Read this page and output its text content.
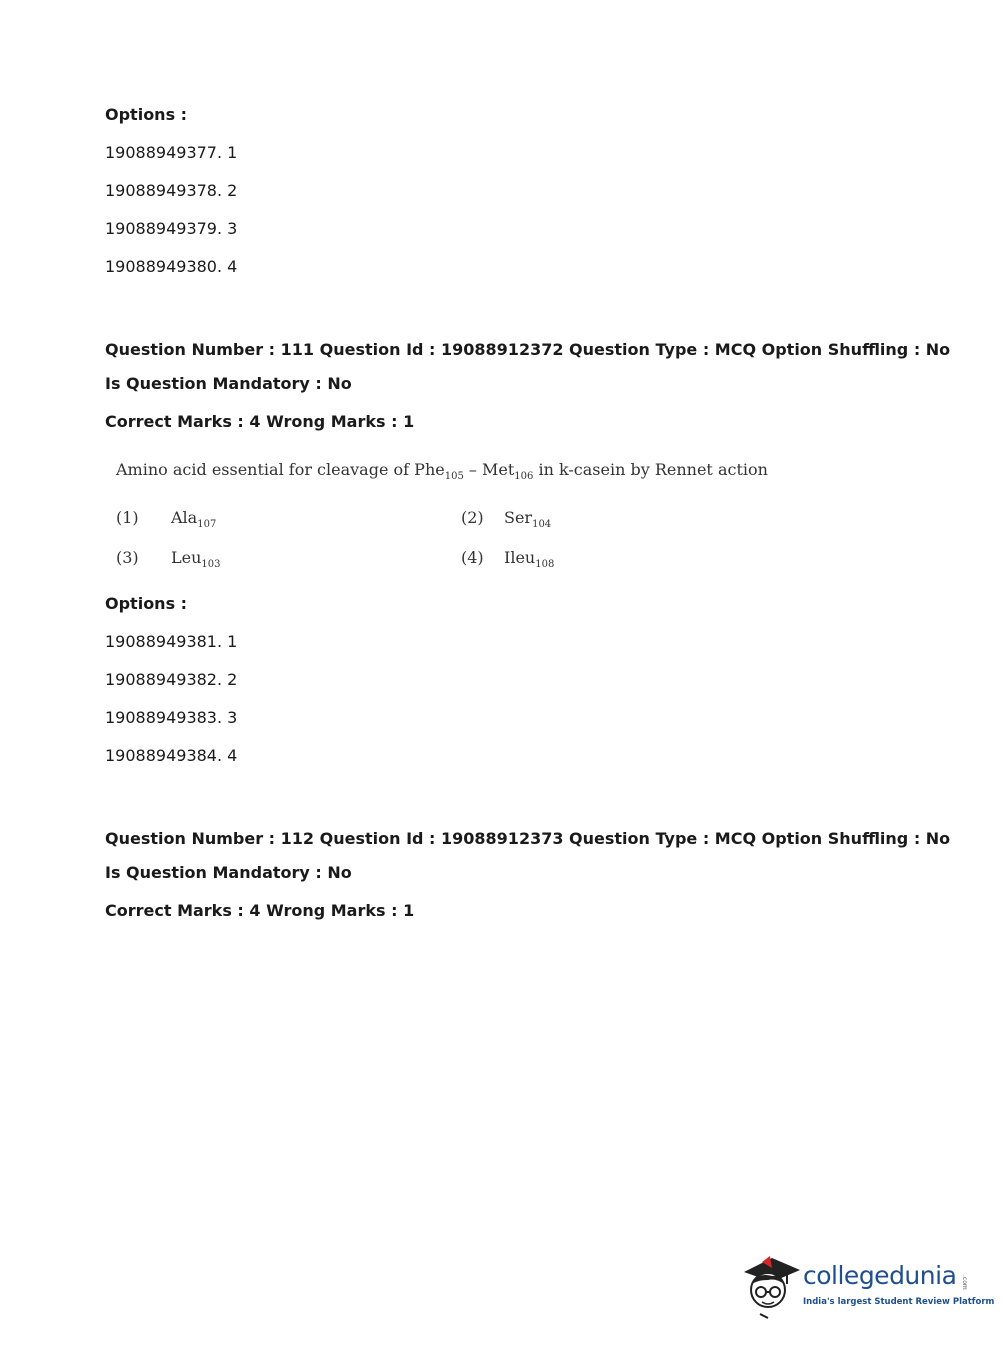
Options :
19088949377. 1
19088949378. 2
19088949379. 3
19088949380. 4
Question Number : 111 Question Id : 19088912372 Question Type : MCQ Option Shuffling : No
Is Question Mandatory : No
Correct Marks : 4 Wrong Marks : 1
Amino acid essential for cleavage of Phe$_{105}$ – Met$_{106}$ in k-casein by Rennet action
(1) Ala$_{107}$	(2) Ser$_{104}$
(3) Leu$_{103}$	(4) Ileu$_{108}$
Options :
19088949381. 1
19088949382. 2
19088949383. 3
19088949384. 4
Question Number : 112 Question Id : 19088912373 Question Type : MCQ Option Shuffling : No
Is Question Mandatory : No
Correct Marks : 4 Wrong Marks : 1
collegedunia .com
India's largest Student Review Platform
